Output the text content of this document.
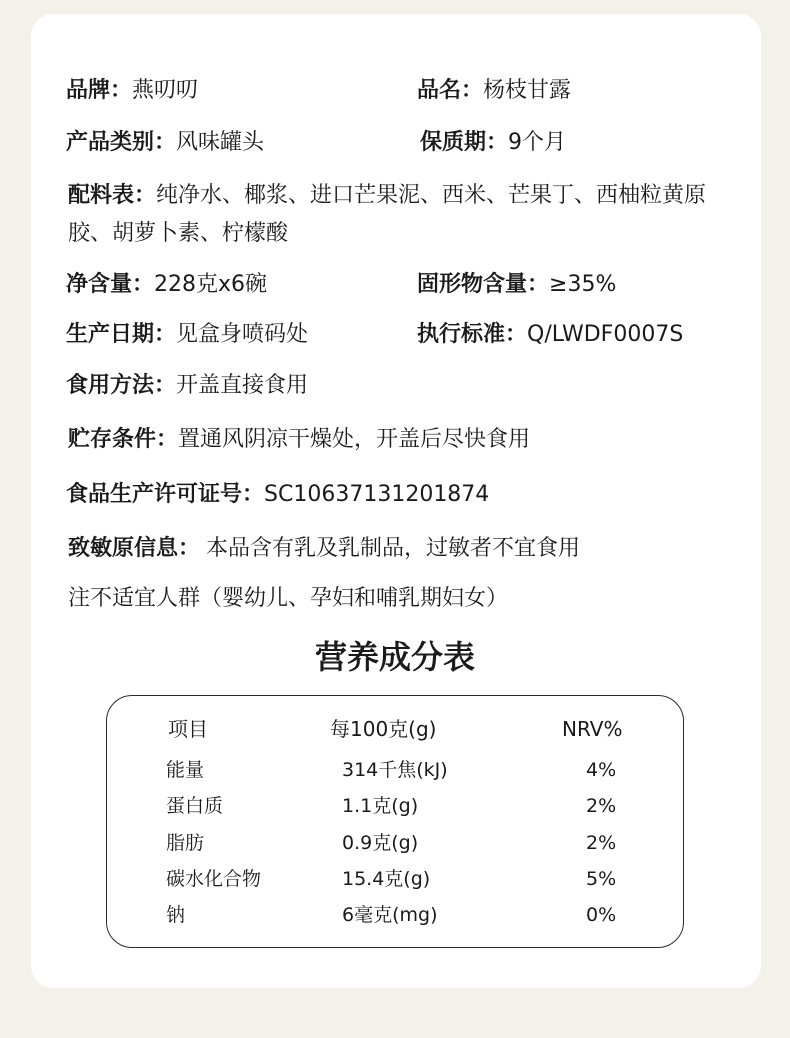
品牌：燕叨叨	品名：杨枝甘露
产品类别：风味罐头	保质期：9个月
配料表：纯净水、椰浆、进口芒果泥、西米、芒果丁、西柚粒黄原胶、胡萝卜素、柠檬酸
净含量：228克x6碗	固形物含量：≥35%
生产日期：见盒身喷码处	执行标准：Q/LWDF0007S
食用方法：开盖直接食用
贮存条件：置通风阴凉干燥处，开盖后尽快食用
食品生产许可证号：SC10637131201874
致敏原信息： 本品含有乳及乳制品，过敏者不宜食用
注不适宜人群（婴幼儿、孕妇和哺乳期妇女）
营养成分表
项目	每100克(g)	NRV%
能量	314千焦(kJ)	4%
蛋白质	1.1克(g)	2%
脂肪	0.9克(g)	2%
碳水化合物	15.4克(g)	5%
钠	6毫克(mg)	0%
